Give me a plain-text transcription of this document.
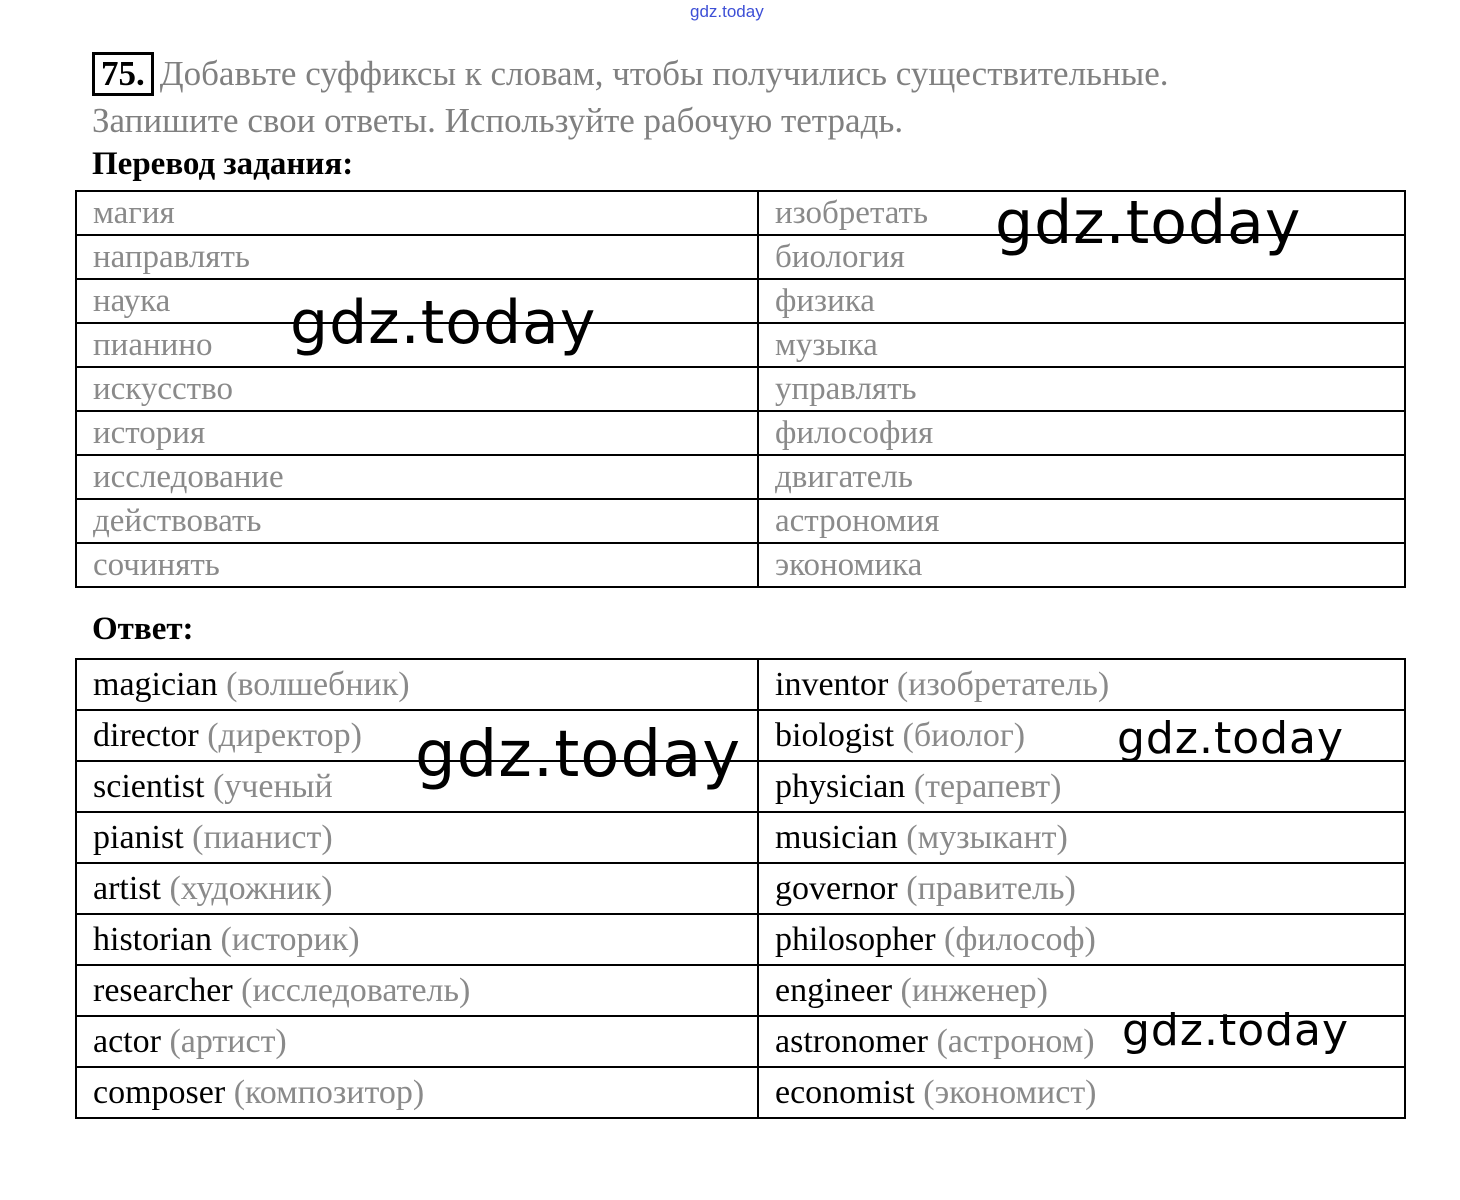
gdz.today
75. Добавьте суффиксы к словам, чтобы получились существительные.
Запишите свои ответы. Используйте рабочую тетрадь.
Перевод задания:
магия	изобретать
направлять	биология
наука	физика
пианино	музыка
искусство	управлять
история	философия
исследование	двигатель
действовать	астрономия
сочинять	экономика
Ответ:
magician (волшебник)	inventor (изобретатель)
director (директор)	biologist (биолог)
scientist (ученый	physician (терапевт)
pianist (пианист)	musician (музыкант)
artist (художник)	governor (правитель)
historian (историк)	philosopher (философ)
researcher (исследователь)	engineer (инженер)
actor (артист)	astronomer (астроном)
composer (композитор)	economist (экономист)
gdz.today
gdz.today
gdz.today	gdz.today
gdz.today
